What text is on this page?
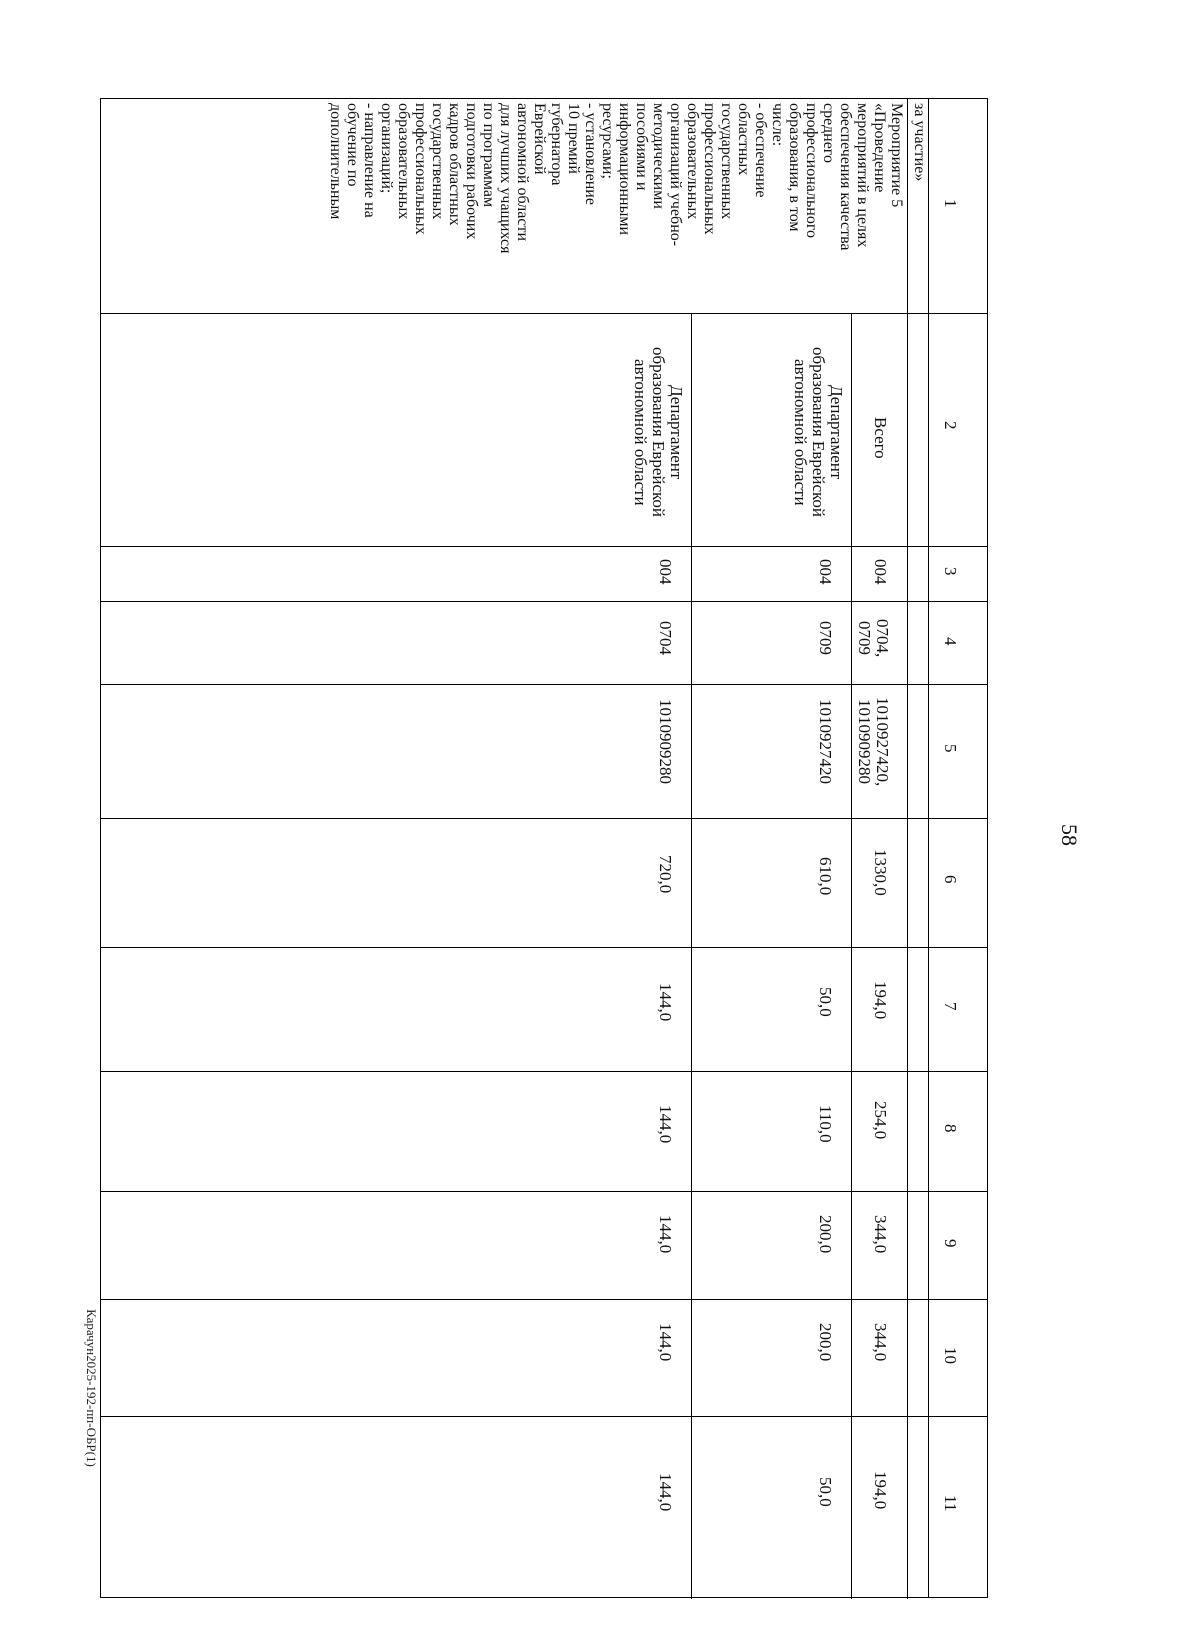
58
Карачун2025-192-пп-ОБР(1)
1
2
3
4
5
6
7
8
9
10
11
за участие»
Мероприятие 5
«Проведение
мероприятий в целях
обеспечения качества
среднего
профессионального
образования, в том
числе:
- обеспечение
областных
государственных
профессиональных
образовательных
организаций учебно-
методическими
пособиями и
информационными
ресурсами;
- установление
10 премий
губернатора
Еврейской
автономной области
для лучших учащихся
по программам
подготовки рабочих
кадров областных
государственных
профессиональных
образовательных
организаций;
- направление на
обучение по
дополнительным
Всего
004
0704,
0709
1010927420,
1010909280
1330,0
194,0
254,0
344,0
344,0
194,0
Департамент
образования Еврейской
автономной области
004
0709
1010927420
610,0
50,0
110,0
200,0
200,0
50,0
Департамент
образования Еврейской
автономной области
004
0704
1010909280
720,0
144,0
144,0
144,0
144,0
144,0
